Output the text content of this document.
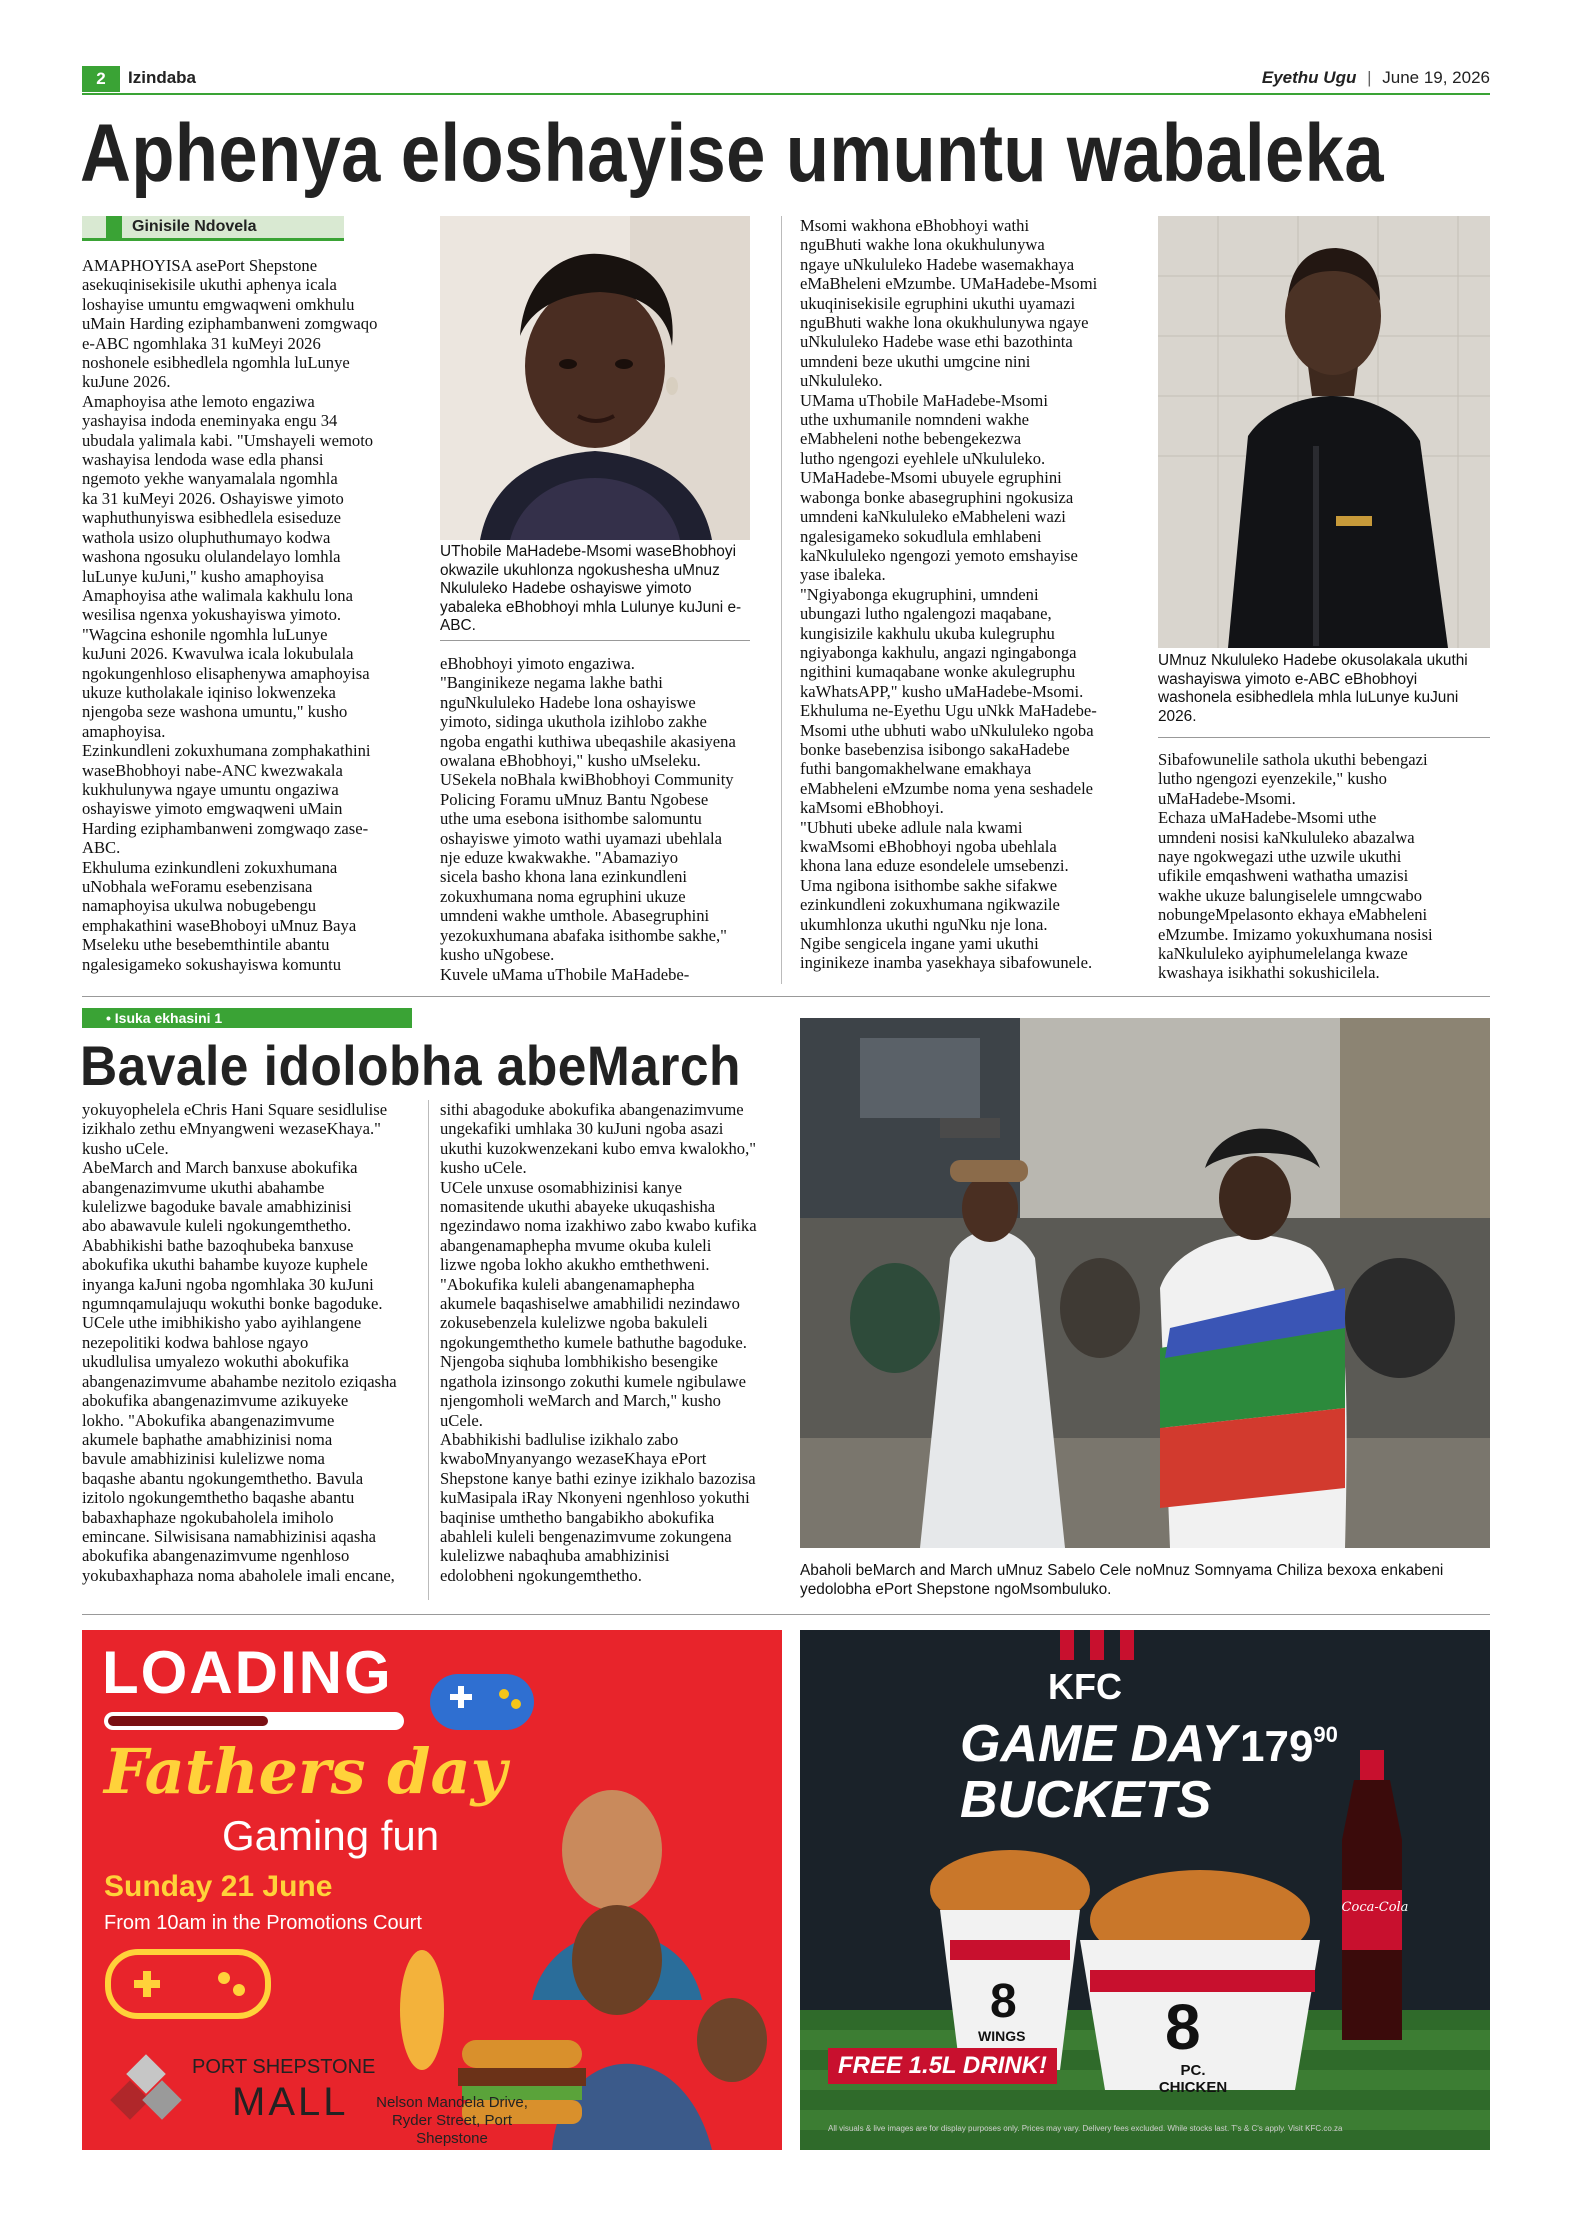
2	Izindaba	Eyethu Ugu | June 19, 2026
Aphenya eloshayise umuntu wabaleka
Ginisile Ndovela

AMAPHOYISA asePort Shepstone
asekuqinisekisile ukuthi aphenya icala
loshayise umuntu emgwaqweni omkhulu
uMain Harding eziphambanweni zomgwaqo
e-ABC ngomhlaka 31 kuMeyi 2026
noshonele esibhedlela ngomhla luLunye
kuJune 2026.
Amaphoyisa athe lemoto engaziwa
yashayisa indoda eneminyaka engu 34
ubudala yalimala kabi. "Umshayeli wemoto
washayisa lendoda wase edla phansi
ngemoto yekhe wanyamalala ngomhla
ka 31 kuMeyi 2026. Oshayiswe yimoto
waphuthunyiswa esibhedlela esiseduze
wathola usizo oluphuthumayo kodwa
washona ngosuku olulandelayo lomhla
luLunye kuJuni," kusho amaphoyisa
Amaphoyisa athe walimala kakhulu lona
wesilisa ngenxa yokushayiswa yimoto.
"Wagcina eshonile ngomhla luLunye
kuJuni 2026. Kwavulwa icala lokubulala
ngokungenhloso elisaphenywa amaphoyisa
ukuze kutholakale iqiniso lokwenzeka
njengoba seze washona umuntu," kusho
amaphoyisa.
Ezinkundleni zokuxhumana zomphakathini
waseBhobhoyi nabe-ANC kwezwakala
kukhulunywa ngaye umuntu ongaziwa
oshayiswe yimoto emgwaqweni uMain
Harding eziphambanweni zomgwaqo zase-
ABC.
Ekhuluma ezinkundleni zokuxhumana
uNobhala weForamu esebenzisana
namaphoyisa ukulwa nobugebengu
emphakathini waseBhoboyi uMnuz Baya
Mseleku uthe besebemthintile abantu
ngalesigameko sokushayiswa komuntu

UThobile MaHadebe-Msomi waseBhobhoyi okwazile ukuhlonza ngokushesha uMnuz Nkululeko Hadebe oshayiswe yimoto yabaleka eBhobhoyi mhla Lulunye kuJuni e-ABC.

eBhobhoyi yimoto engaziwa.
"Banginikeze negama lakhe bathi
nguNkululeko Hadebe lona oshayiswe
yimoto, sidinga ukuthola izihlobo zakhe
ngoba engathi kuthiwa ubeqashile akasiyena
owalana eBhobhoyi," kusho uMseleku.
USekela noBhala kwiBhobhoyi Community
Policing Foramu uMnuz Bantu Ngobese
uthe uma esebona isithombe salomuntu
oshayiswe yimoto wathi uyamazi ubehlala
nje eduze kwakwakhe. "Abamaziyo
sicela basho khona lana ezinkundleni
zokuxhumana noma egruphini ukuze
umndeni wakhe umthole. Abasegruphini
yezokuxhumana abafaka isithombe sakhe,"
kusho uNgobese.
Kuvele uMama uThobile MaHadebe-

Msomi wakhona eBhobhoyi wathi
nguBhuti wakhe lona okukhulunywa
ngaye uNkululeko Hadebe wasemakhaya
eMaBheleni eMzumbe. UMaHadebe-Msomi
ukuqinisekisile egruphini ukuthi uyamazi
nguBhuti wakhe lona okukhulunywa ngaye
uNkululeko Hadebe wase ethi bazothinta
umndeni beze ukuthi umgcine nini
uNkululeko.
UMama uThobile MaHadebe-Msomi
uthe uxhumanile nomndeni wakhe
eMabheleni nothe bebengekezwa
lutho ngengozi eyehlele uNkululeko.
UMaHadebe-Msomi ubuyele egruphini
wabonga bonke abasegruphini ngokusiza
umndeni kaNkululeko eMabheleni wazi
ngalesigameko sokudlula emhlabeni
kaNkululeko ngengozi yemoto emshayise
yase ibaleka.
"Ngiyabonga ekugruphini, umndeni
ubungazi lutho ngalengozi maqabane,
kungisizile kakhulu ukuba kulegruphu
ngiyabonga kakhulu, angazi ngingabonga
ngithini kumaqabane wonke akulegruphu
kaWhatsAPP," kusho uMaHadebe-Msomi.
Ekhuluma ne-Eyethu Ugu uNkk MaHadebe-
Msomi uthe ubhuti wabo uNkululeko ngoba
bonke basebenzisa isibongo sakaHadebe
futhi bangomakhelwane emakhaya
eMabheleni eMzumbe noma yena seshadele
kaMsomi eBhobhoyi.
"Ubhuti ubeke adlule nala kwami
kwaMsomi eBhobhoyi ngoba ubehlala
khona lana eduze esondelele umsebenzi.
Uma ngibona isithombe sakhe sifakwe
ezinkundleni zokuxhumana ngikwazile
ukumhlonza ukuthi nguNku nje lona.
Ngibe sengicela ingane yami ukuthi
inginikeze inamba yasekhaya sibafowunele.

UMnuz Nkululeko Hadebe okusolakala ukuthi washayiswa yimoto e-ABC eBhobhoyi washonela esibhedlela mhla luLunye kuJuni 2026.

Sibafowunelile sathola ukuthi bebengazi
lutho ngengozi eyenzekile," kusho
uMaHadebe-Msomi.
Echaza uMaHadebe-Msomi uthe
umndeni nosisi kaNkululeko abazalwa
naye ngokwegazi uthe uzwile ukuthi
ufikile emqashweni wathatha umazisi
wakhe ukuze balungiselele umngcwabo
nobungeMpelasonto ekhaya eMabheleni
eMzumbe. Imizamo yokuxhumana nosisi
kaNkululeko ayiphumelelanga kwaze
kwashaya isikhathi sokushicilela.

• Isuka ekhasini 1
Bavale idolobha abeMarch

yokuyophelela eChris Hani Square sesidlulise
izikhalo zethu eMnyangweni wezaseKhaya."
kusho uCele.
AbeMarch and March banxuse abokufika
abangenazimvume ukuthi abahambe
kulelizwe bagoduke bavale amabhizinisi
abo abawavule kuleli ngokungemthetho.
Ababhikishi bathe bazoqhubeka banxuse
abokufika ukuthi bahambe kuyoze kuphele
inyanga kaJuni ngoba ngomhlaka 30 kuJuni
ngumnqamulajuqu wokuthi bonke bagoduke.
UCele uthe imibhikisho yabo ayihlangene
nezepolitiki kodwa bahlose ngayo
ukudlulisa umyalezo wokuthi abokufika
abangenazimvume abahambe nezitolo eziqasha
abokufika abangenazimvume azikuyeke
lokho. "Abokufika abangenazimvume
akumele baphathe amabhizinisi noma
bavule amabhizinisi kulelizwe noma
baqashe abantu ngokungemthetho. Bavula
izitolo ngokungemthetho baqashe abantu
babaxhaphaze ngokubaholela imiholo
emincane. Silwisisana namabhizinisi aqasha
abokufika abangenazimvume ngenhloso
yokubaxhaphaza noma abaholele imali encane,

sithi abagoduke abokufika abangenazimvume
ungekafiki umhlaka 30 kuJuni ngoba asazi
ukuthi kuzokwenzekani kubo emva kwalokho,"
kusho uCele.
UCele unxuse osomabhizinisi kanye
nomasitende ukuthi abayeke ukuqashisha
ngezindawo noma izakhiwo zabo kwabo kufika
abangenamaphepha mvume okuba kuleli
lizwe ngoba lokho akukho emthethweni.
"Abokufika kuleli abangenamaphepha
akumele baqashiselwe amabhilidi nezindawo
zokusebenzela kulelizwe ngoba bakuleli
ngokungemthetho kumele bathuthe bagoduke.
Njengoba siqhuba lombhikisho besengike
ngathola izinsongo zokuthi kumele ngibulawe
njengomholi weMarch and March," kusho
uCele.
Ababhikishi badlulise izikhalo zabo
kwaboMnyanyango wezaseKhaya ePort
Shepstone kanye bathi ezinye izikhalo bazozisa
kuMasipala iRay Nkonyeni ngenhloso yokuthi
baqinise umthetho bangabikho abokufika
abahleli kuleli bengenazimvume zokungena
kulelizwe nabaqhuba amabhizinisi
edolobheni ngokungemthetho.	Abaholi beMarch and March uMnuz Sabelo Cele noMnuz Somnyama Chiliza bexoxa enkabeni yedolobha ePort Shepstone ngoMsombuluko.

LOADING
Fathers day
Gaming fun
Sunday 21 June
From 10am in the Promotions Court
PORT SHEPSTONE
MALL Nelson Mandela Drive,
Ryder Street, Port
Shepstone
KFC
GAME DAY
BUCKETS
17990
Coca-Cola
8
WINGS 8
PC.
CHICKEN
FREE 1.5L DRINK!
All visuals & live images are for display purposes only. Prices may vary. Delivery fees excluded. While stocks last. T's & C's apply. Visit KFC.co.za
